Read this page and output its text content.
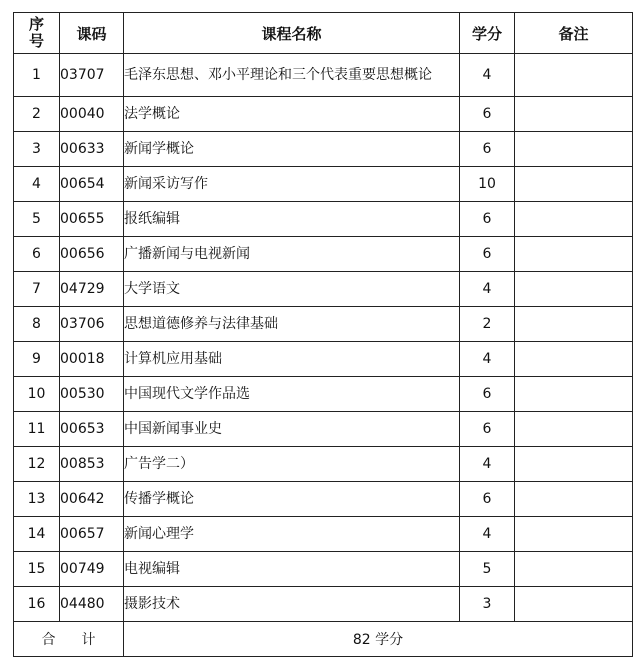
序号	课码	课程名称	学分	备注
1	03707	毛泽东思想、邓小平理论和三个代表重要思想概论	4	
2	00040	法学概论	6	
3	00633	新闻学概论	6	
4	00654	新闻采访写作	10	
5	00655	报纸编辑	6	
6	00656	广播新闻与电视新闻	6	
7	04729	大学语文	4	
8	03706	思想道德修养与法律基础	2	
9	00018	计算机应用基础	4	
10	00530	中国现代文学作品选	6	
11	00653	中国新闻事业史	6	
12	00853	广告学二）	4	
13	00642	传播学概论	6	
14	00657	新闻心理学	4	
15	00749	电视编辑	5	
16	04480	摄影技术	3	
合 计		82 学分		
